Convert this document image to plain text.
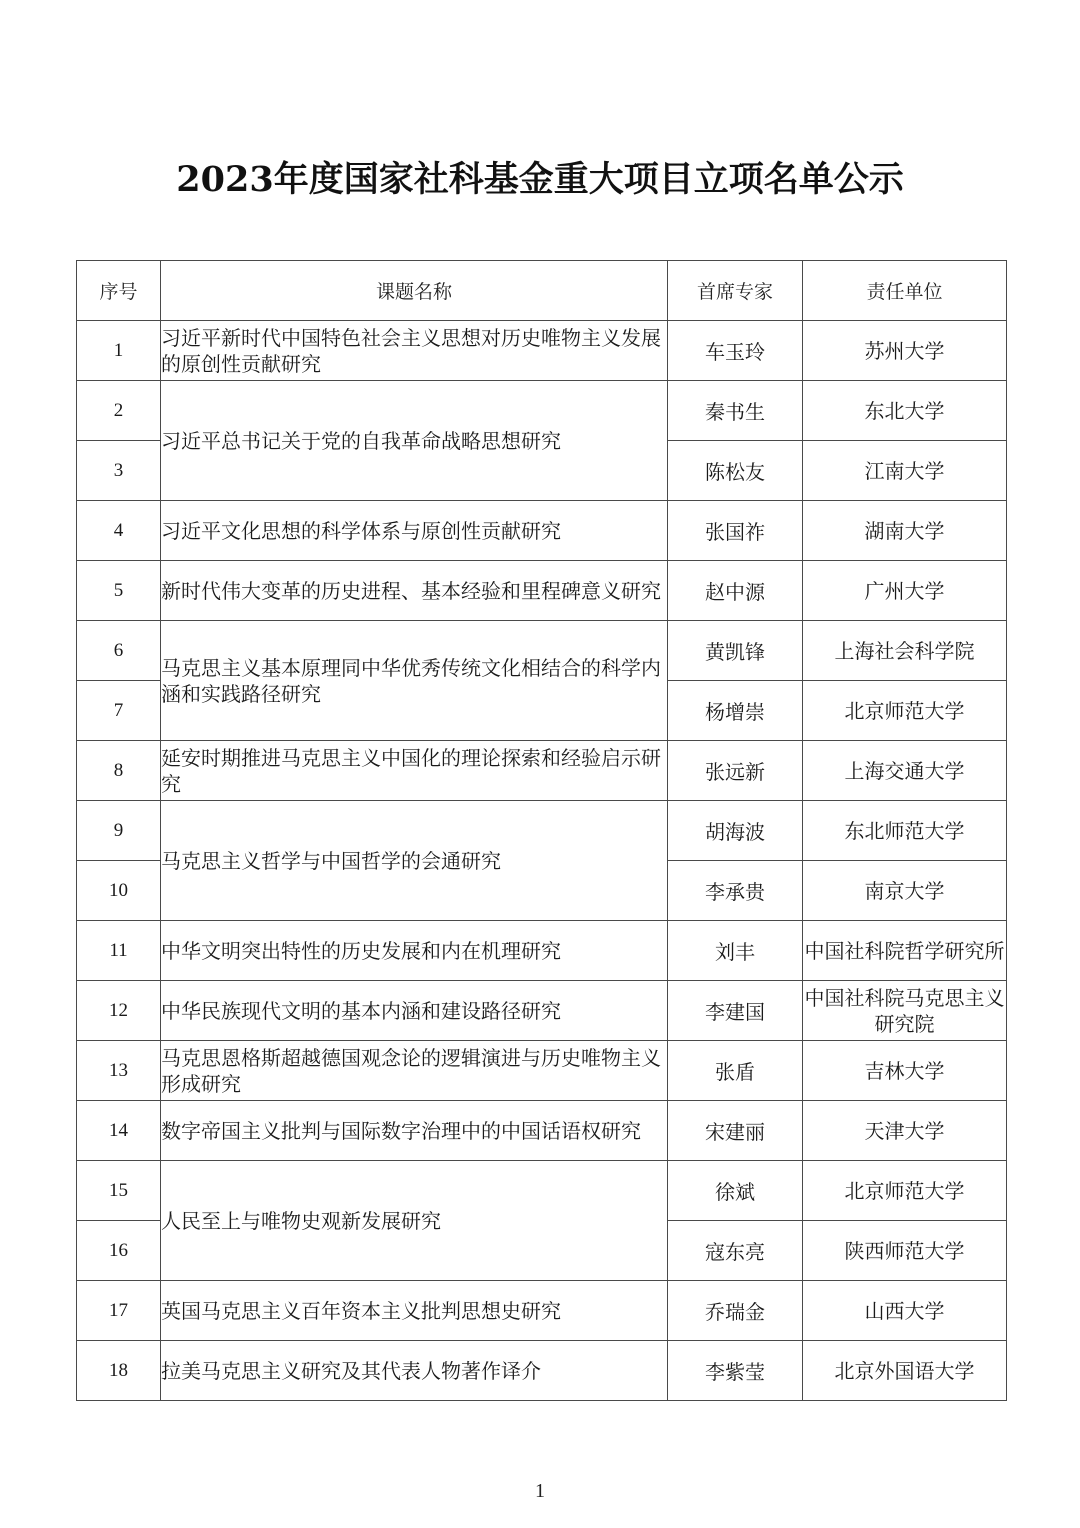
2023年度国家社科基金重大项目立项名单公示
序号	课题名称	首席专家	责任单位
1	习近平新时代中国特色社会主义思想对历史唯物主义发展的原创性贡献研究	车玉玲	苏州大学
2	习近平总书记关于党的自我革命战略思想研究	秦书生	东北大学
3		陈松友	江南大学
4	习近平文化思想的科学体系与原创性贡献研究	张国祚	湖南大学
5	新时代伟大变革的历史进程、基本经验和里程碑意义研究	赵中源	广州大学
6	马克思主义基本原理同中华优秀传统文化相结合的科学内涵和实践路径研究	黄凯锋	上海社会科学院
7		杨增崇	北京师范大学
8	延安时期推进马克思主义中国化的理论探索和经验启示研究	张远新	上海交通大学
9	马克思主义哲学与中国哲学的会通研究	胡海波	东北师范大学
10		李承贵	南京大学
11	中华文明突出特性的历史发展和内在机理研究	刘丰	中国社科院哲学研究所
12	中华民族现代文明的基本内涵和建设路径研究	李建国	中国社科院马克思主义研究院
13	马克思恩格斯超越德国观念论的逻辑演进与历史唯物主义形成研究	张盾	吉林大学
14	数字帝国主义批判与国际数字治理中的中国话语权研究	宋建丽	天津大学
15	人民至上与唯物史观新发展研究	徐斌	北京师范大学
16		寇东亮	陕西师范大学
17	英国马克思主义百年资本主义批判思想史研究	乔瑞金	山西大学
18	拉美马克思主义研究及其代表人物著作译介	李紫莹	北京外国语大学
1
